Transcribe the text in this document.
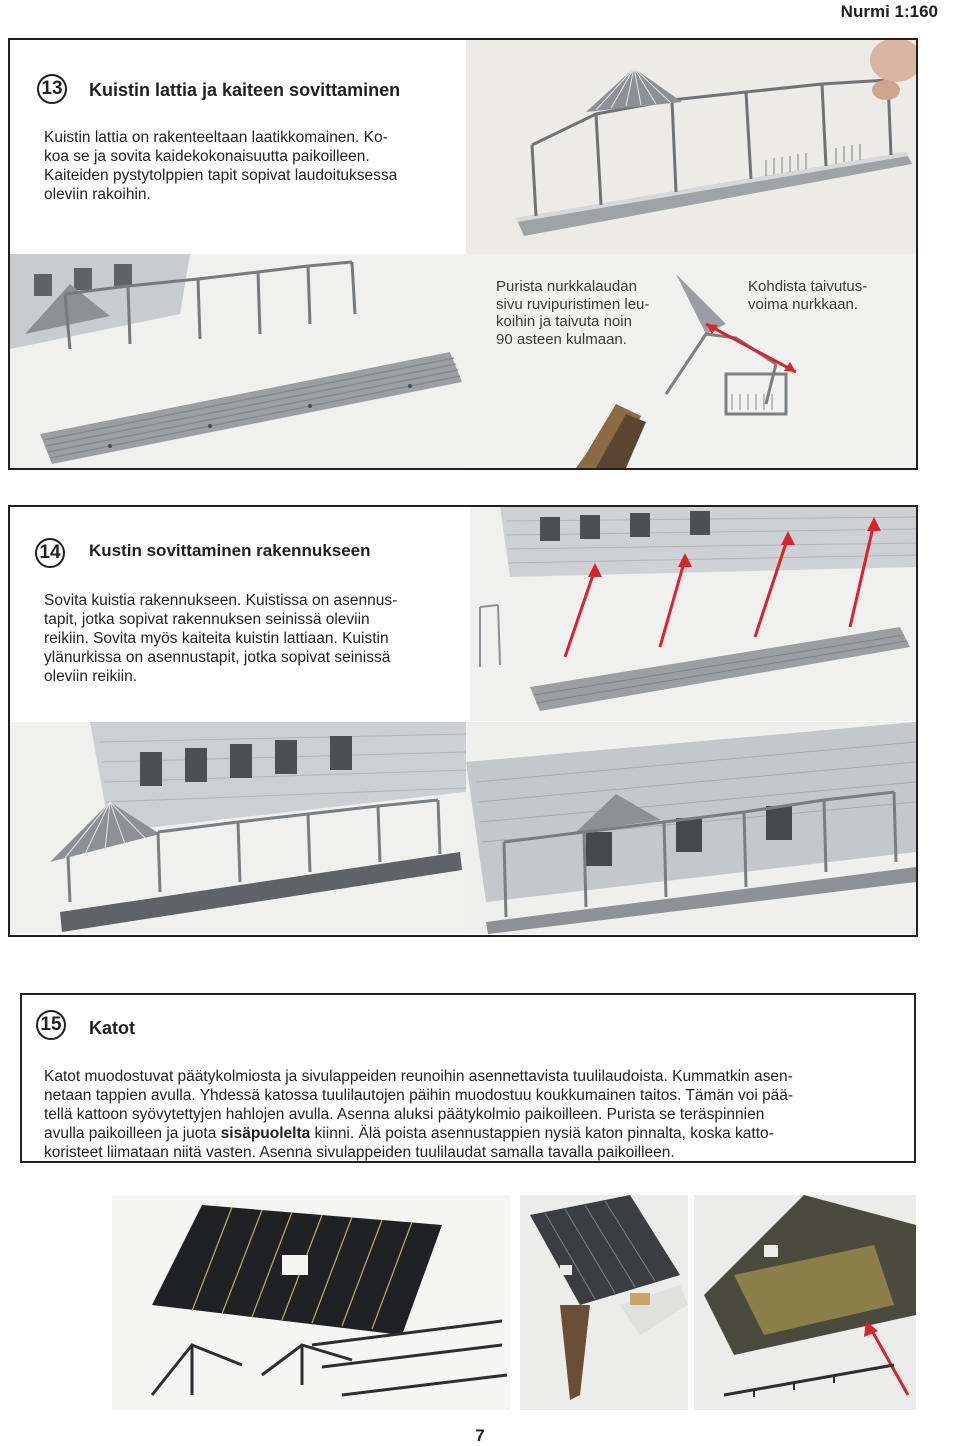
Nurmi 1:160
13 Kuistin lattia ja kaiteen sovittaminen

Kuistin lattia on rakenteeltaan laatikkomainen. Ko-

koa se ja sovita kaidekokonaisuutta paikoilleen.

Kaiteiden pystytolppien tapit sopivat laudoituksessa

oleviin rakoihin.

Purista nurkkalaudan
sivu ruvipuristimen leu-
koihin ja taivuta noin
90 asteen kulmaan.
Kohdista taivutus-
voima nurkkaan.
14 Kustin sovittaminen rakennukseen

Sovita kuistia rakennukseen. Kuistissa on asennus-

tapit, jotka sopivat rakennuksen seinissä oleviin

reikiin. Sovita myös kaiteita kuistin lattiaan. Kuistin

ylänurkissa on asennustapit, jotka sopivat seinissä

oleviin reikiin.

15 Katot

Katot muodostuvat päätykolmiosta ja sivulappeiden reunoihin asennettavista tuulilaudoista. Kummatkin asen-

netaan tappien avulla. Yhdessä katossa tuulilautojen päihin muodostuu koukkumainen taitos. Tämän voi pää-

tellä kattoon syövytettyjen hahlojen avulla. Asenna aluksi päätykolmio paikoilleen. Purista se teräspinnien

avulla paikoilleen ja juota sisäpuolelta kiinni. Älä poista asennustappien nysiä katon pinnalta, koska katto-

koristeet liimataan niitä vasten. Asenna sivulappeiden tuulilaudat samalla tavalla paikoilleen.

7
